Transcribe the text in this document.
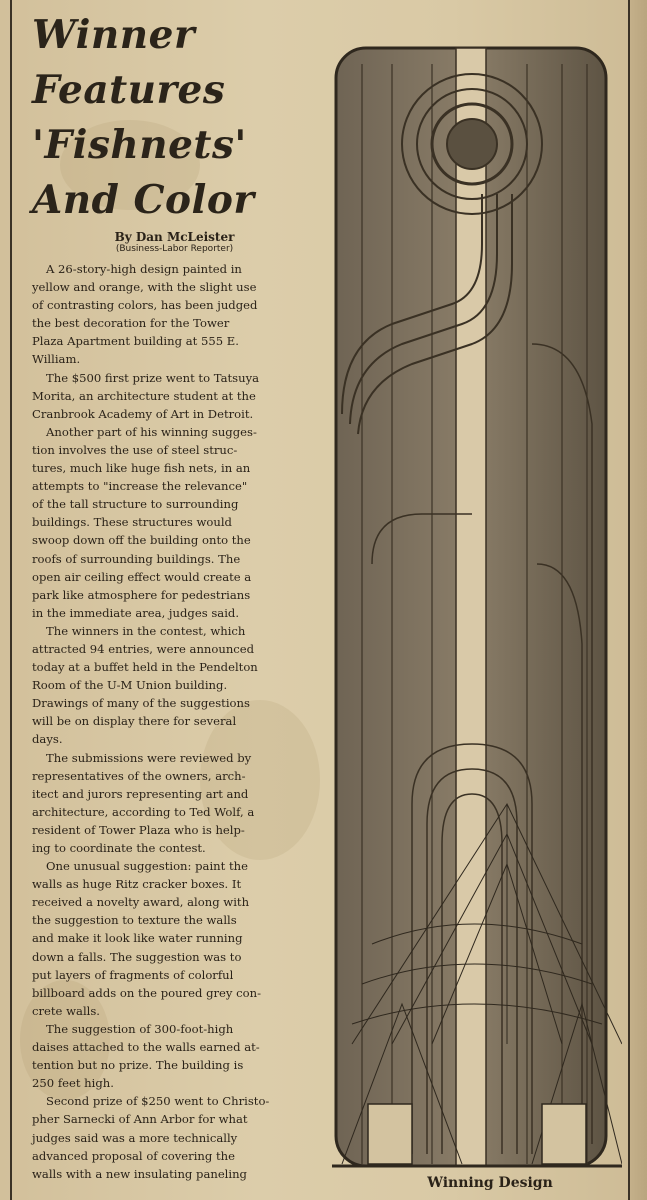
Winner
Features
'Fishnets'
And Color
By Dan McLeister
(Business-Labor Reporter)

A 26-story-high design painted in
yellow and orange, with the slight use
of contrasting colors, has been judged
the best decoration for the Tower
Plaza Apartment building at 555 E.
William.

The $500 first prize went to Tatsuya
Morita, an architecture student at the
Cranbrook Academy of Art in Detroit.

Another part of his winning sugges-
tion involves the use of steel struc-
tures, much like huge fish nets, in an
attempts to "increase the relevance"
of the tall structure to surrounding
buildings. These structures would
swoop down off the building onto the
roofs of surrounding buildings. The
open air ceiling effect would create a
park like atmosphere for pedestrians
in the immediate area, judges said.

The winners in the contest, which
attracted 94 entries, were announced
today at a buffet held in the Pendelton
Room of the U-M Union building.
Drawings of many of the suggestions
will be on display there for several
days.

The submissions were reviewed by
representatives of the owners, arch-
itect and jurors representing art and
architecture, according to Ted Wolf, a
resident of Tower Plaza who is help-
ing to coordinate the contest.

One unusual suggestion: paint the
walls as huge Ritz cracker boxes. It
received a novelty award, along with
the suggestion to texture the walls
and make it look like water running
down a falls. The suggestion was to
put layers of fragments of colorful
billboard adds on the poured grey con-
crete walls.

The suggestion of 300-foot-high
daises attached to the walls earned at-
tention but no prize. The building is
250 feet high.

Second prize of $250 went to Christo-
pher Sarnecki of Ann Arbor for what
judges said was a more technically
advanced proposal of covering the
walls with a new insulating paneling

Winning Design
